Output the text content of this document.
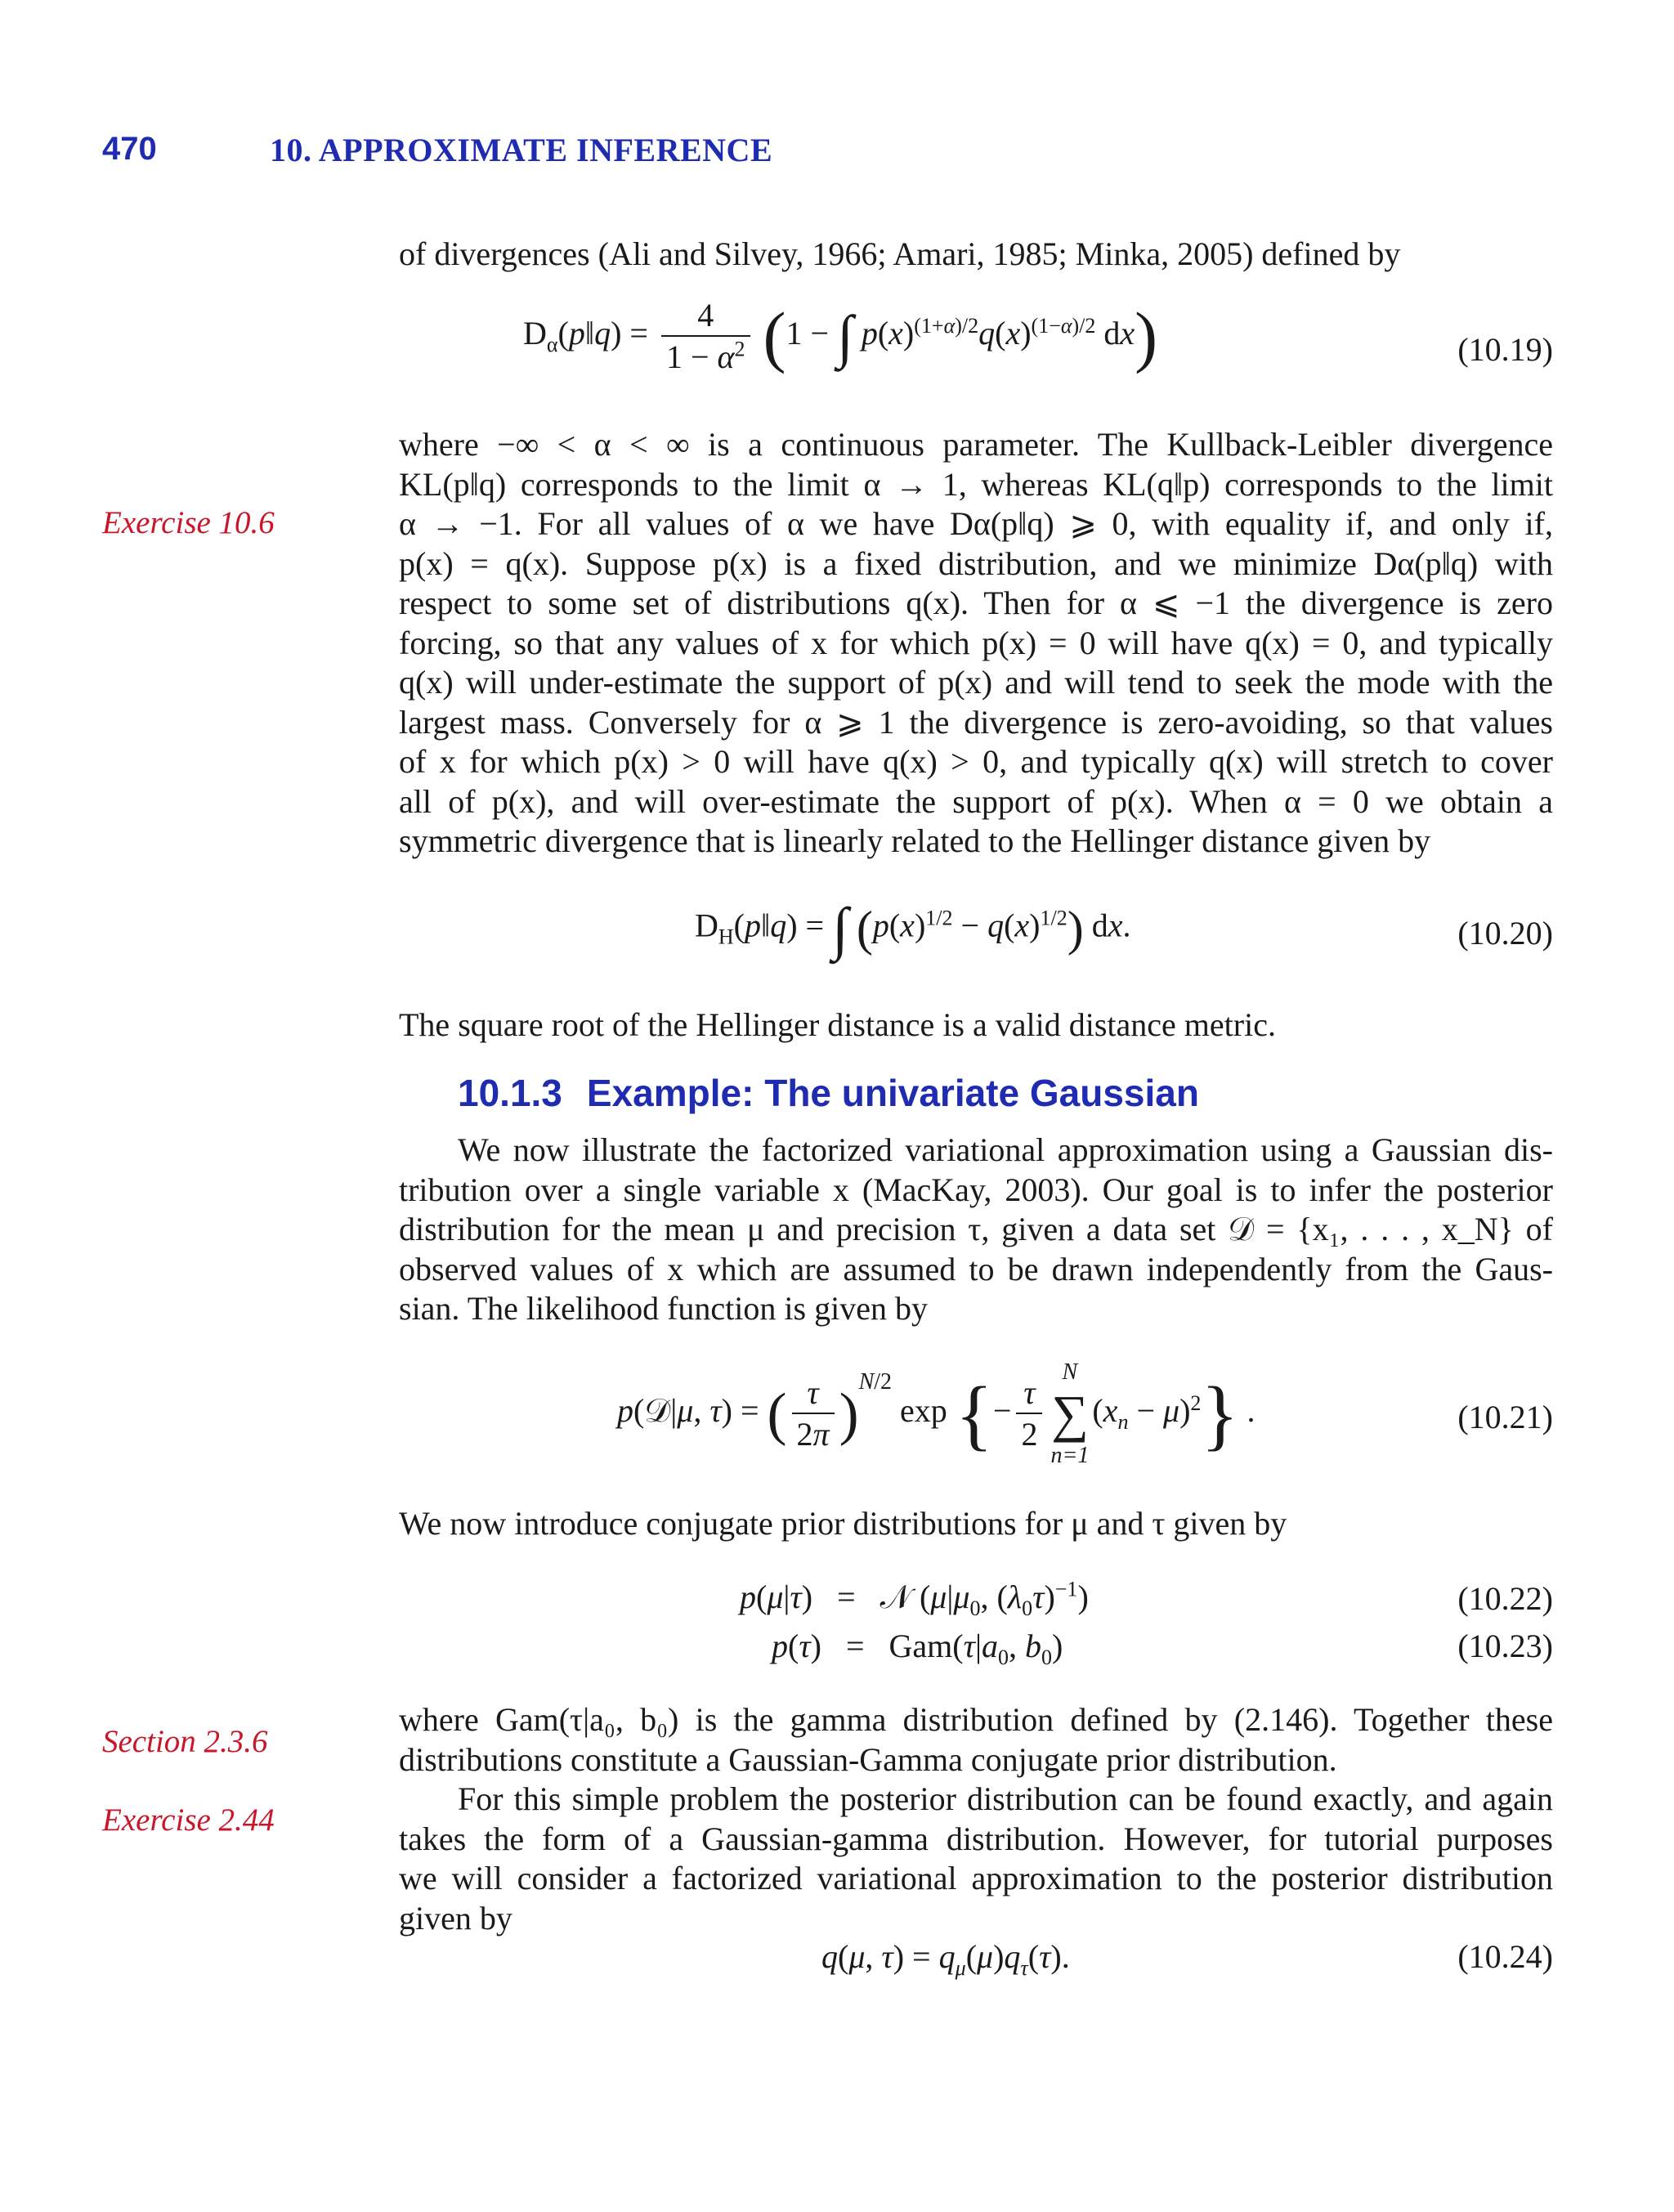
470	10. APPROXIMATE INFERENCE
Exercise 10.6
Section 2.3.6
Exercise 2.44
of divergences (Ali and Silvey, 1966; Amari, 1985; Minka, 2005) defined by
$D_\alpha(p‖q) = \frac{4}{1 - \alpha^2} (1$ − ∫ $p(x)^{(1+\alpha)/2}q(x)^{(1-\alpha)/2}$ dx)	(10.19)
where −∞ < α < ∞ is a continuous parameter. The Kullback-Leibler divergence
KL(p‖q) corresponds to the limit α → 1, whereas KL(q‖p) corresponds to the limit
α → −1. For all values of α we have Dα(p‖q) ⩾ 0, with equality if, and only if,
p(x) = q(x). Suppose p(x) is a fixed distribution, and we minimize Dα(p‖q) with
respect to some set of distributions q(x). Then for α ⩽ −1 the divergence is zero
forcing, so that any values of x for which p(x) = 0 will have q(x) = 0, and typically
q(x) will under-estimate the support of p(x) and will tend to seek the mode with the
largest mass. Conversely for α ⩾ 1 the divergence is zero-avoiding, so that values
of x for which p(x) > 0 will have q(x) > 0, and typically q(x) will stretch to cover
all of p(x), and will over-estimate the support of p(x). When α = 0 we obtain a
symmetric divergence that is linearly related to the Hellinger distance given by
$D_H(p‖q)$ = ∫ $(p(x)^{1/2} - q(x)^{1/2})$ dx.	(10.20)
The square root of the Hellinger distance is a valid distance metric.
10.1.3 Example: The univariate Gaussian
We now illustrate the factorized variational approximation using a Gaussian dis-
tribution over a single variable x (MacKay, 2003). Our goal is to infer the posterior
distribution for the mean μ and precision τ, given a data set 𝒟 = {x₁, . . . , x_N} of
observed values of x which are assumed to be drawn independently from the Gaus-
sian. The likelihood function is given by
p(𝒟|μ, τ) = ( $\frac{\tau}{2\pi} )^{N/2}$ exp {− $\frac{\tau}{2}$
N
∑
n=1
$(x_n - \mu)^2$} .	(10.21)
We now introduce conjugate prior distributions for μ and τ given by
p(μ|τ)   =   𝒩 ($\mu|\mu_0$, $(\lambda_0\tau)^{-1}$)	(10.22)
$p(\tau) = Gam(\tau|a_0$, $b_0$)	(10.23)
where Gam(τ|a₀, b₀) is the gamma distribution defined by (2.146). Together these
distributions constitute a Gaussian-Gamma conjugate prior distribution.
For this simple problem the posterior distribution can be found exactly, and again
takes the form of a Gaussian-gamma distribution. However, for tutorial purposes
we will consider a factorized variational approximation to the posterior distribution
given by
q(μ, $\tau) = q_\mu(\mu)q_\tau(\tau)$.	(10.24)
